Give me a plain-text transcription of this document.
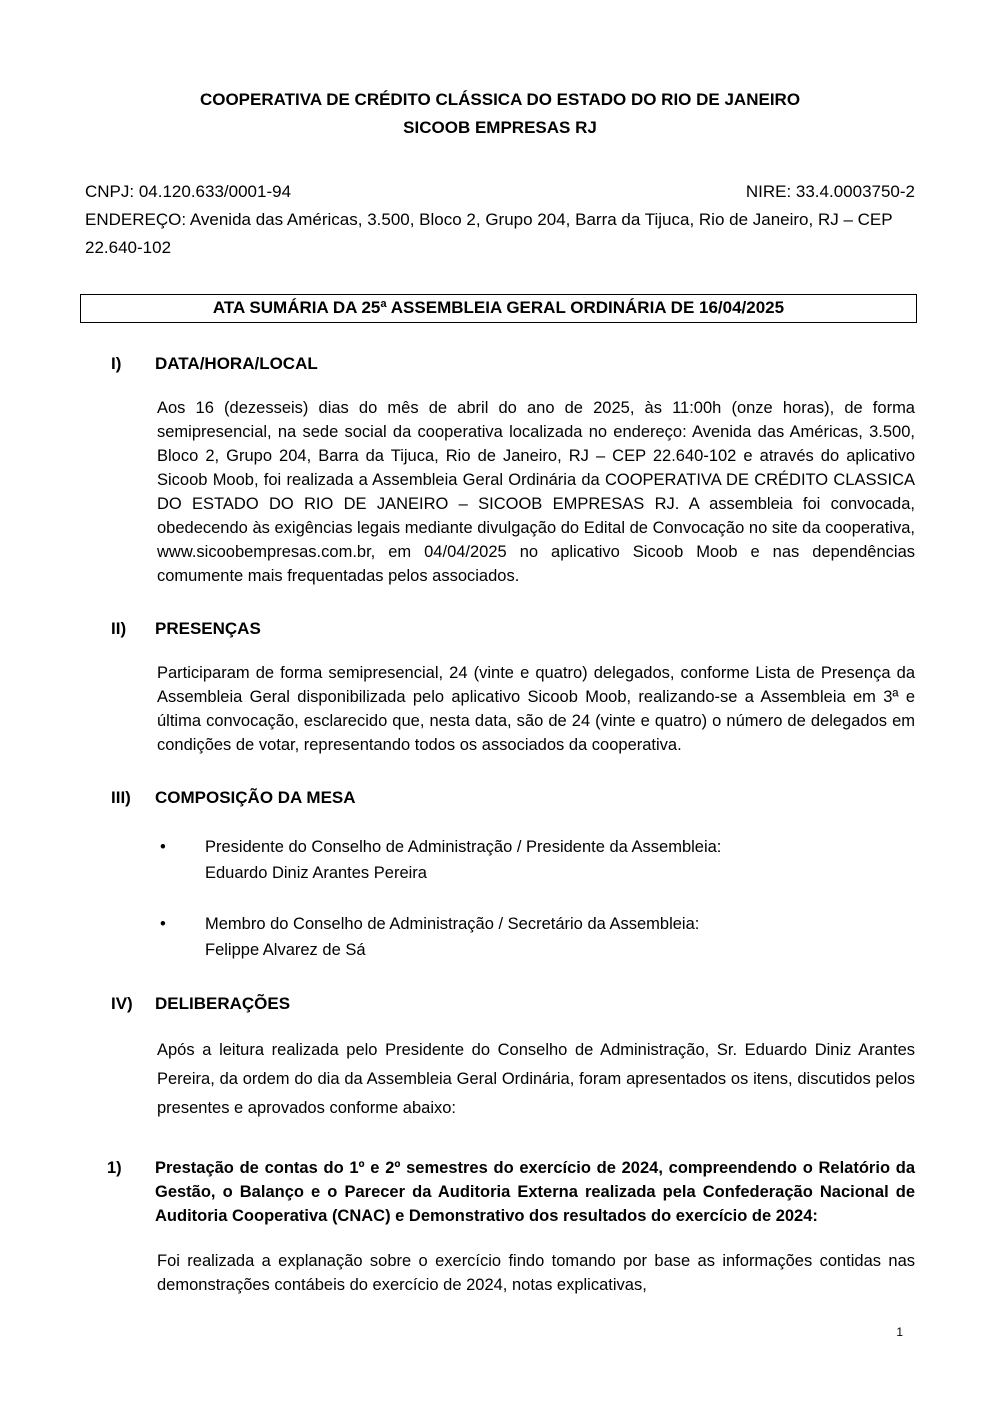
COOPERATIVA DE CRÉDITO CLÁSSICA DO ESTADO DO RIO DE JANEIRO
SICOOB EMPRESAS RJ
CNPJ: 04.120.633/0001-94	NIRE: 33.4.0003750-2
ENDEREÇO: Avenida das Américas, 3.500, Bloco 2, Grupo 204, Barra da Tijuca, Rio de Janeiro, RJ – CEP 22.640-102
ATA SUMÁRIA DA 25ª ASSEMBLEIA GERAL ORDINÁRIA DE 16/04/2025
I)	DATA/HORA/LOCAL
Aos 16 (dezesseis) dias do mês de abril do ano de 2025, às 11:00h (onze horas), de forma semipresencial, na sede social da cooperativa localizada no endereço: Avenida das Américas, 3.500, Bloco 2, Grupo 204, Barra da Tijuca, Rio de Janeiro, RJ – CEP 22.640-102 e através do aplicativo Sicoob Moob, foi realizada a Assembleia Geral Ordinária da COOPERATIVA DE CRÉDITO CLASSICA DO ESTADO DO RIO DE JANEIRO – SICOOB EMPRESAS RJ. A assembleia foi convocada, obedecendo às exigências legais mediante divulgação do Edital de Convocação no site da cooperativa, www.sicoobempresas.com.br, em 04/04/2025 no aplicativo Sicoob Moob e nas dependências comumente mais frequentadas pelos associados.
II)	PRESENÇAS
Participaram de forma semipresencial, 24 (vinte e quatro) delegados, conforme Lista de Presença da Assembleia Geral disponibilizada pelo aplicativo Sicoob Moob, realizando-se a Assembleia em 3ª e última convocação, esclarecido que, nesta data, são de 24 (vinte e quatro) o número de delegados em condições de votar, representando todos os associados da cooperativa.
III)	COMPOSIÇÃO DA MESA
•	Presidente do Conselho de Administração / Presidente da Assembleia:
Eduardo Diniz Arantes Pereira
•	Membro do Conselho de Administração / Secretário da Assembleia:
Felippe Alvarez de Sá
IV)	DELIBERAÇÕES
Após a leitura realizada pelo Presidente do Conselho de Administração, Sr. Eduardo Diniz Arantes Pereira, da ordem do dia da Assembleia Geral Ordinária, foram apresentados os itens, discutidos pelos presentes e aprovados conforme abaixo:
1)	Prestação de contas do 1º e 2º semestres do exercício de 2024, compreendendo o Relatório da Gestão, o Balanço e o Parecer da Auditoria Externa realizada pela Confederação Nacional de Auditoria Cooperativa (CNAC) e Demonstrativo dos resultados do exercício de 2024:
Foi realizada a explanação sobre o exercício findo tomando por base as informações contidas nas demonstrações contábeis do exercício de 2024, notas explicativas,
1
